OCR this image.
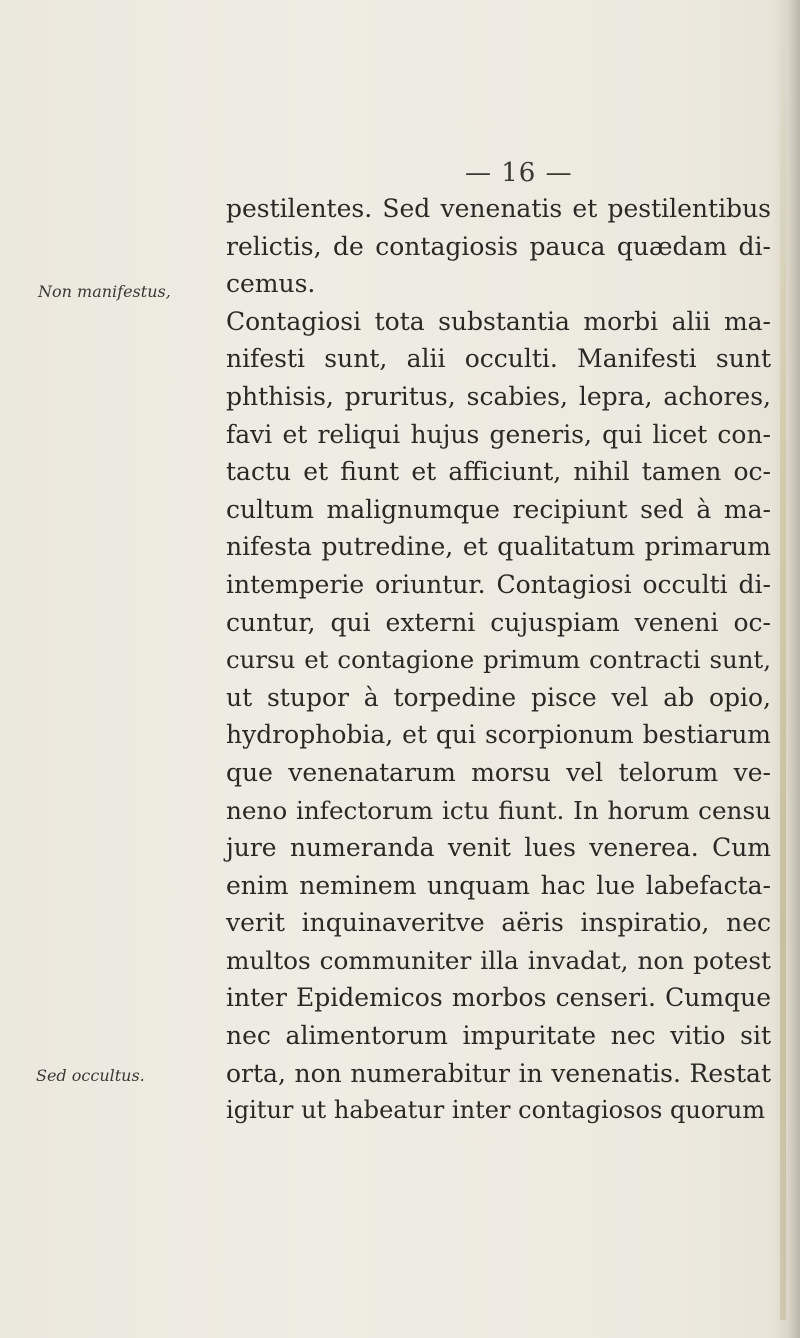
— 16 —
Non manifestus,
Sed occultus.
pestilentes. Sed venenatis et pestilentibus
relictis, de contagiosis pauca quædam di-
cemus.
Contagiosi tota substantia morbi alii ma-
nifesti sunt, alii occulti. Manifesti sunt
phthisis, pruritus, scabies, lepra, achores,
favi et reliqui hujus generis, qui licet con-
tactu et fiunt et afficiunt, nihil tamen oc-
cultum malignumque recipiunt sed à ma-
nifesta putredine, et qualitatum primarum
intemperie oriuntur. Contagiosi occulti di-
cuntur, qui externi cujuspiam veneni oc-
cursu et contagione primum contracti sunt,
ut stupor à torpedine pisce vel ab opio,
hydrophobia, et qui scorpionum bestiarum
que venenatarum morsu vel telorum ve-
neno infectorum ictu fiunt. In horum censu
jure numeranda venit lues venerea. Cum
enim neminem unquam hac lue labefacta-
verit inquinaveritve aëris inspiratio, nec
multos communiter illa invadat, non potest
inter Epidemicos morbos censeri. Cumque
nec alimentorum impuritate nec vitio sit
orta, non numerabitur in venenatis. Restat
igitur ut habeatur inter contagiosos quorum
